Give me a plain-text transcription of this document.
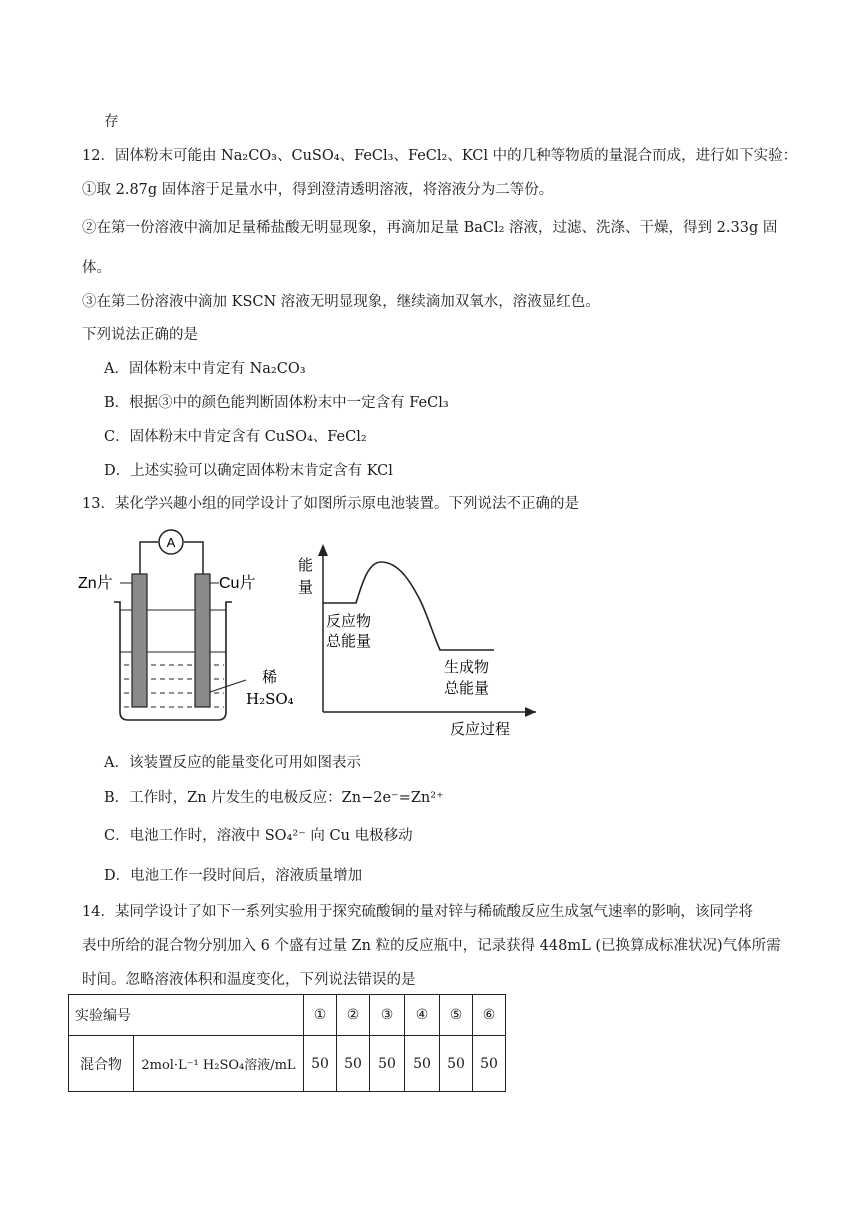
存
12．固体粉末可能由 Na₂CO₃、CuSO₄、FeCl₃、FeCl₂、KCl 中的几种等物质的量混合而成，进行如下实验：
①取 2.87g 固体溶于足量水中，得到澄清透明溶液，将溶液分为二等份。
②在第一份溶液中滴加足量稀盐酸无明显现象，再滴加足量 BaCl₂ 溶液，过滤、洗涤、干燥，得到 2.33g 固
体。
③在第二份溶液中滴加 KSCN 溶液无明显现象，继续滴加双氧水，溶液显红色。
下列说法正确的是
A．固体粉末中肯定有 Na₂CO₃
B．根据③中的颜色能判断固体粉末中一定含有 FeCl₃
C．固体粉末中肯定含有 CuSO₄、FeCl₂
D．上述实验可以确定固体粉末肯定含有 KCl
13．某化学兴趣小组的同学设计了如图所示原电池装置。下列说法不正确的是
A
Zn片	Cu片
稀
H₂SO₄
能
量
反应物
总能量
生成物
总能量
反应过程
A．该装置反应的能量变化可用如图表示
B．工作时，Zn 片发生的电极反应：Zn−2e⁻=Zn²⁺
C．电池工作时，溶液中 SO₄²⁻ 向 Cu 电极移动
D．电池工作一段时间后，溶液质量增加
14．某同学设计了如下一系列实验用于探究硫酸铜的量对锌与稀硫酸反应生成氢气速率的影响，该同学将
表中所给的混合物分别加入 6 个盛有过量 Zn 粒的反应瓶中，记录获得 448mL (已换算成标准状况)气体所需
时间。忽略溶液体积和温度变化，下列说法错误的是
实验编号		①	②	③	④	⑤	⑥
混合物	2mol·L⁻¹ H₂SO₄溶液/mL	50	50	50	50	50	50
